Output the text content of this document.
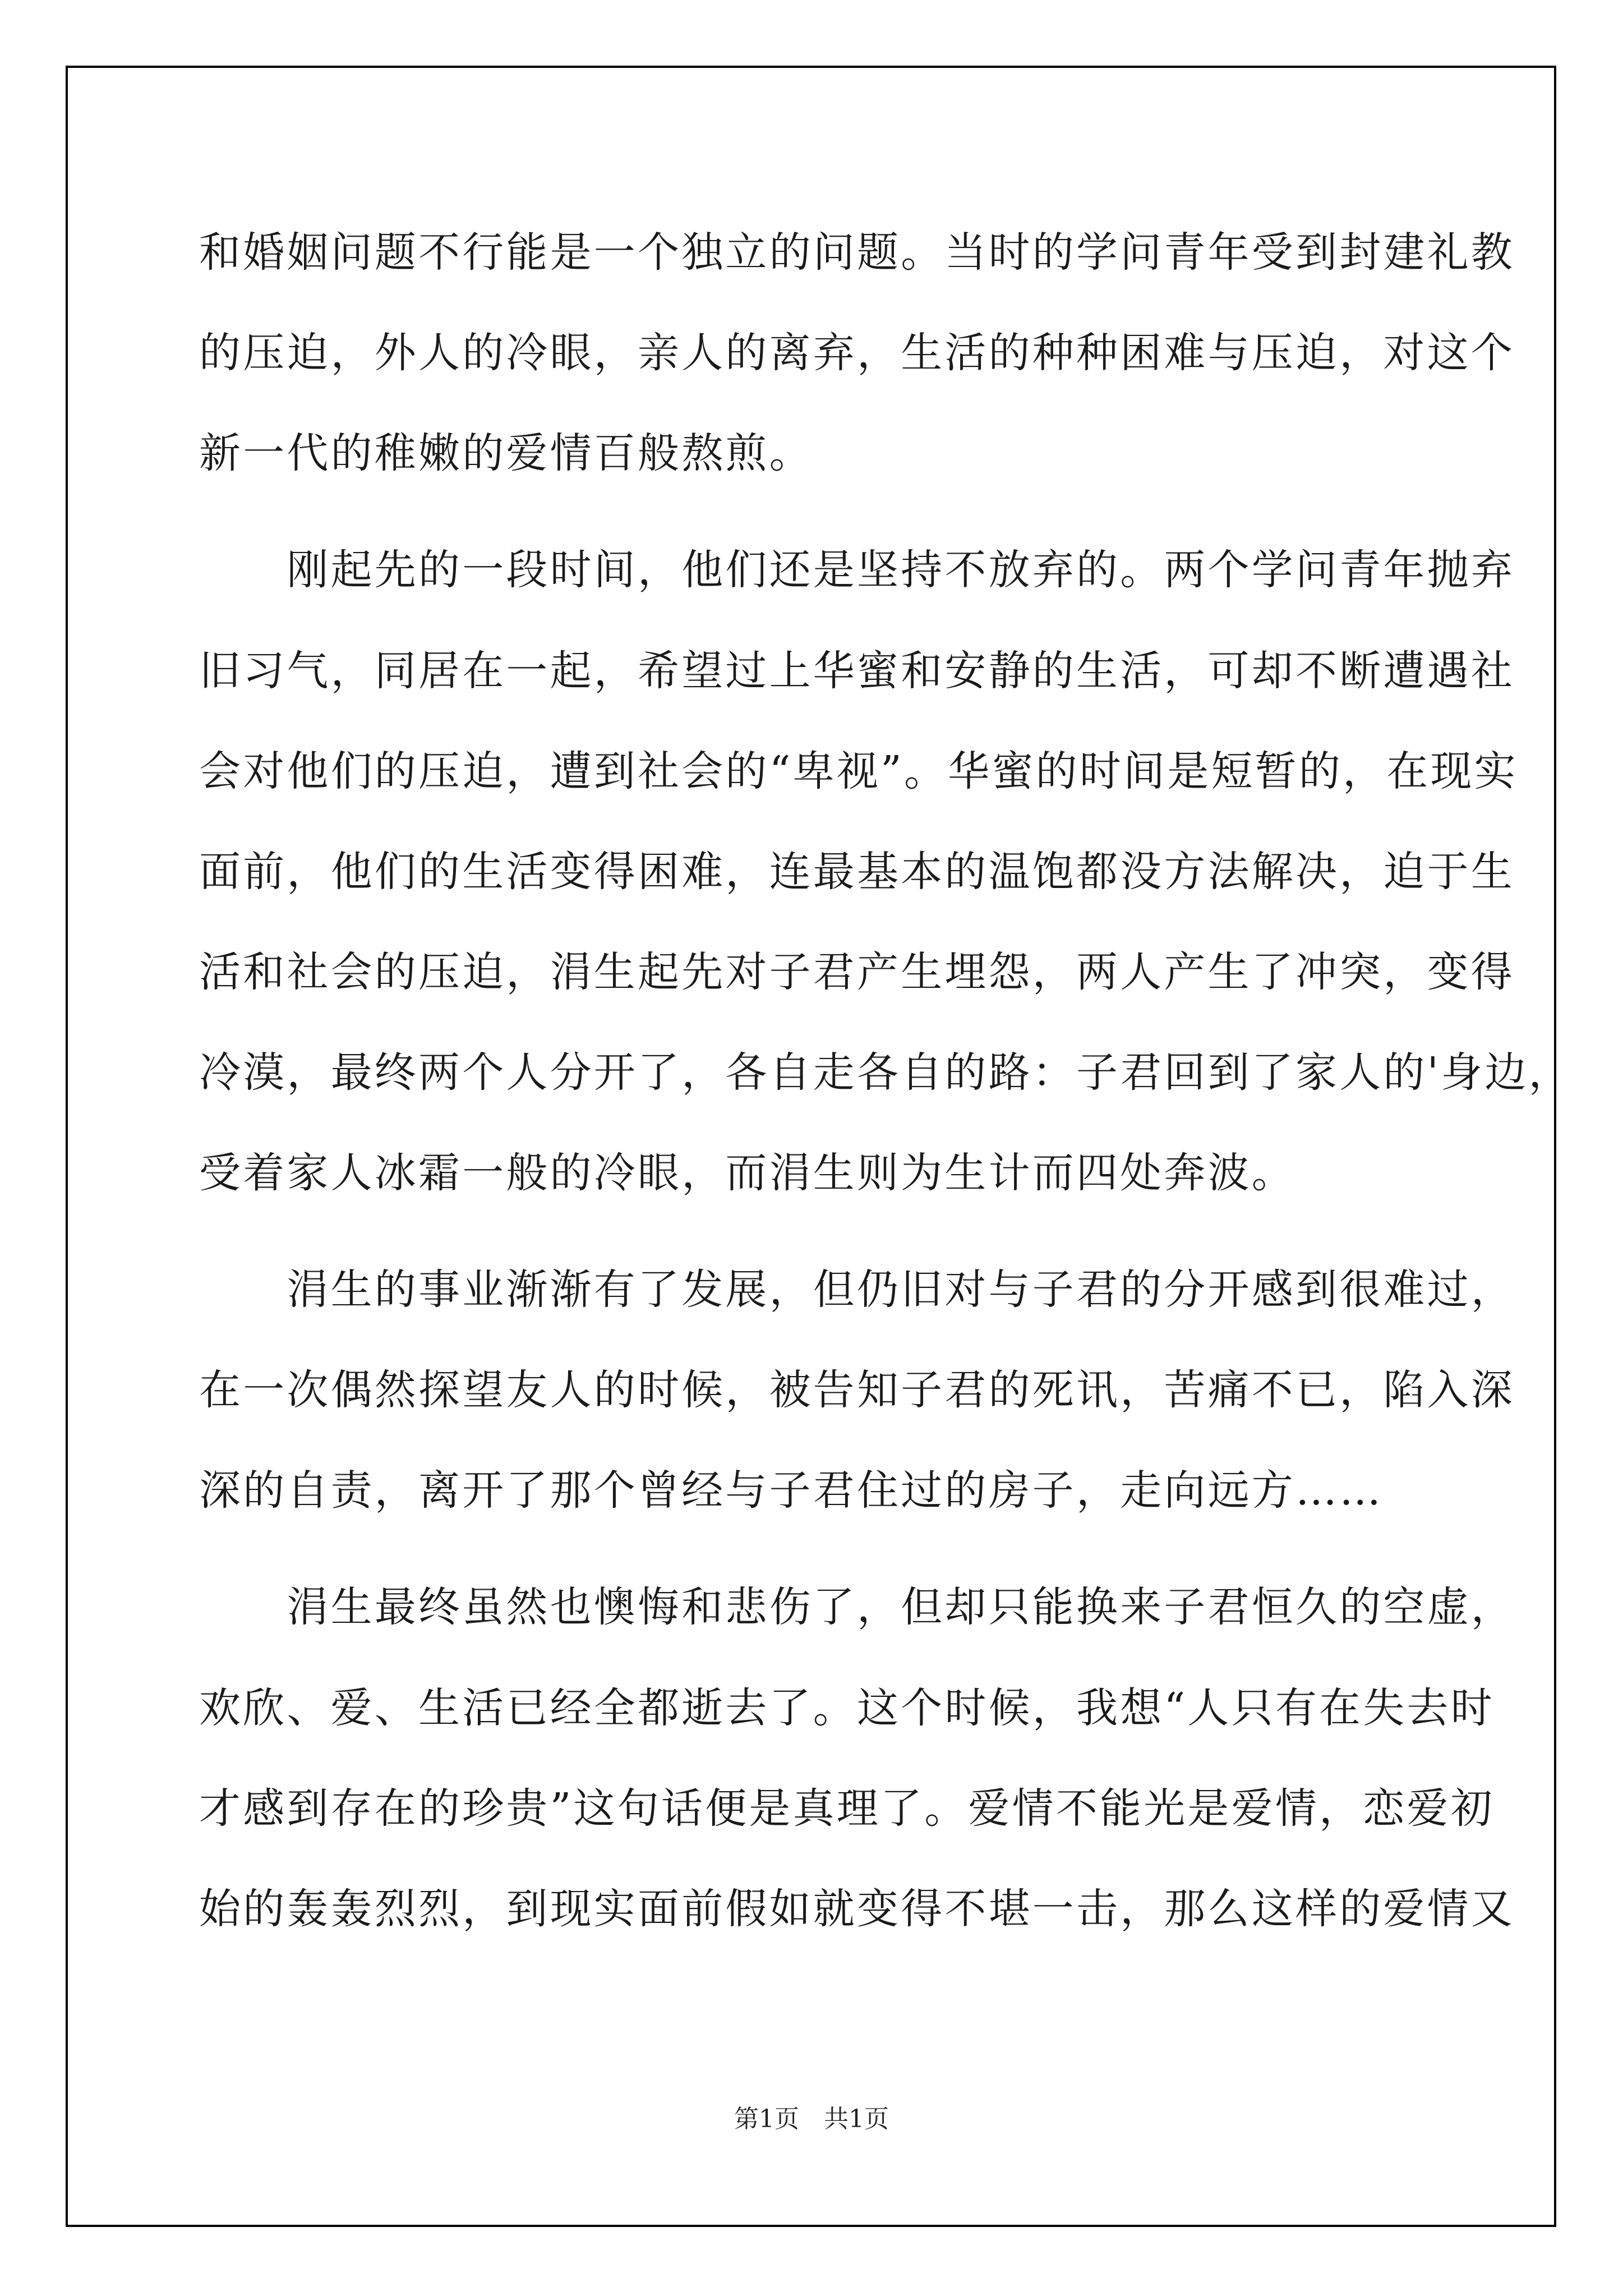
和婚姻问题不行能是一个独立的问题。当时的学问青年受到封建礼教
的压迫，外人的冷眼，亲人的离弃，生活的种种困难与压迫，对这个
新一代的稚嫩的爱情百般熬煎。
　　刚起先的一段时间，他们还是坚持不放弃的。两个学问青年抛弃
旧习气，同居在一起，希望过上华蜜和安静的生活，可却不断遭遇社
会对他们的压迫，遭到社会的“卑视”。华蜜的时间是短暂的，在现实
面前，他们的生活变得困难，连最基本的温饱都没方法解决，迫于生
活和社会的压迫，涓生起先对子君产生埋怨，两人产生了冲突，变得
冷漠，最终两个人分开了，各自走各自的路：子君回到了家人的'身边，
受着家人冰霜一般的冷眼，而涓生则为生计而四处奔波。
　　涓生的事业渐渐有了发展，但仍旧对与子君的分开感到很难过，
在一次偶然探望友人的时候，被告知子君的死讯，苦痛不已，陷入深
深的自责，离开了那个曾经与子君住过的房子，走向远方……
　　涓生最终虽然也懊悔和悲伤了，但却只能换来子君恒久的空虚，
欢欣、爱、生活已经全都逝去了。这个时候，我想“人只有在失去时
才感到存在的珍贵”这句话便是真理了。爱情不能光是爱情，恋爱初
始的轰轰烈烈，到现实面前假如就变得不堪一击，那么这样的爱情又
第1页　共1页
